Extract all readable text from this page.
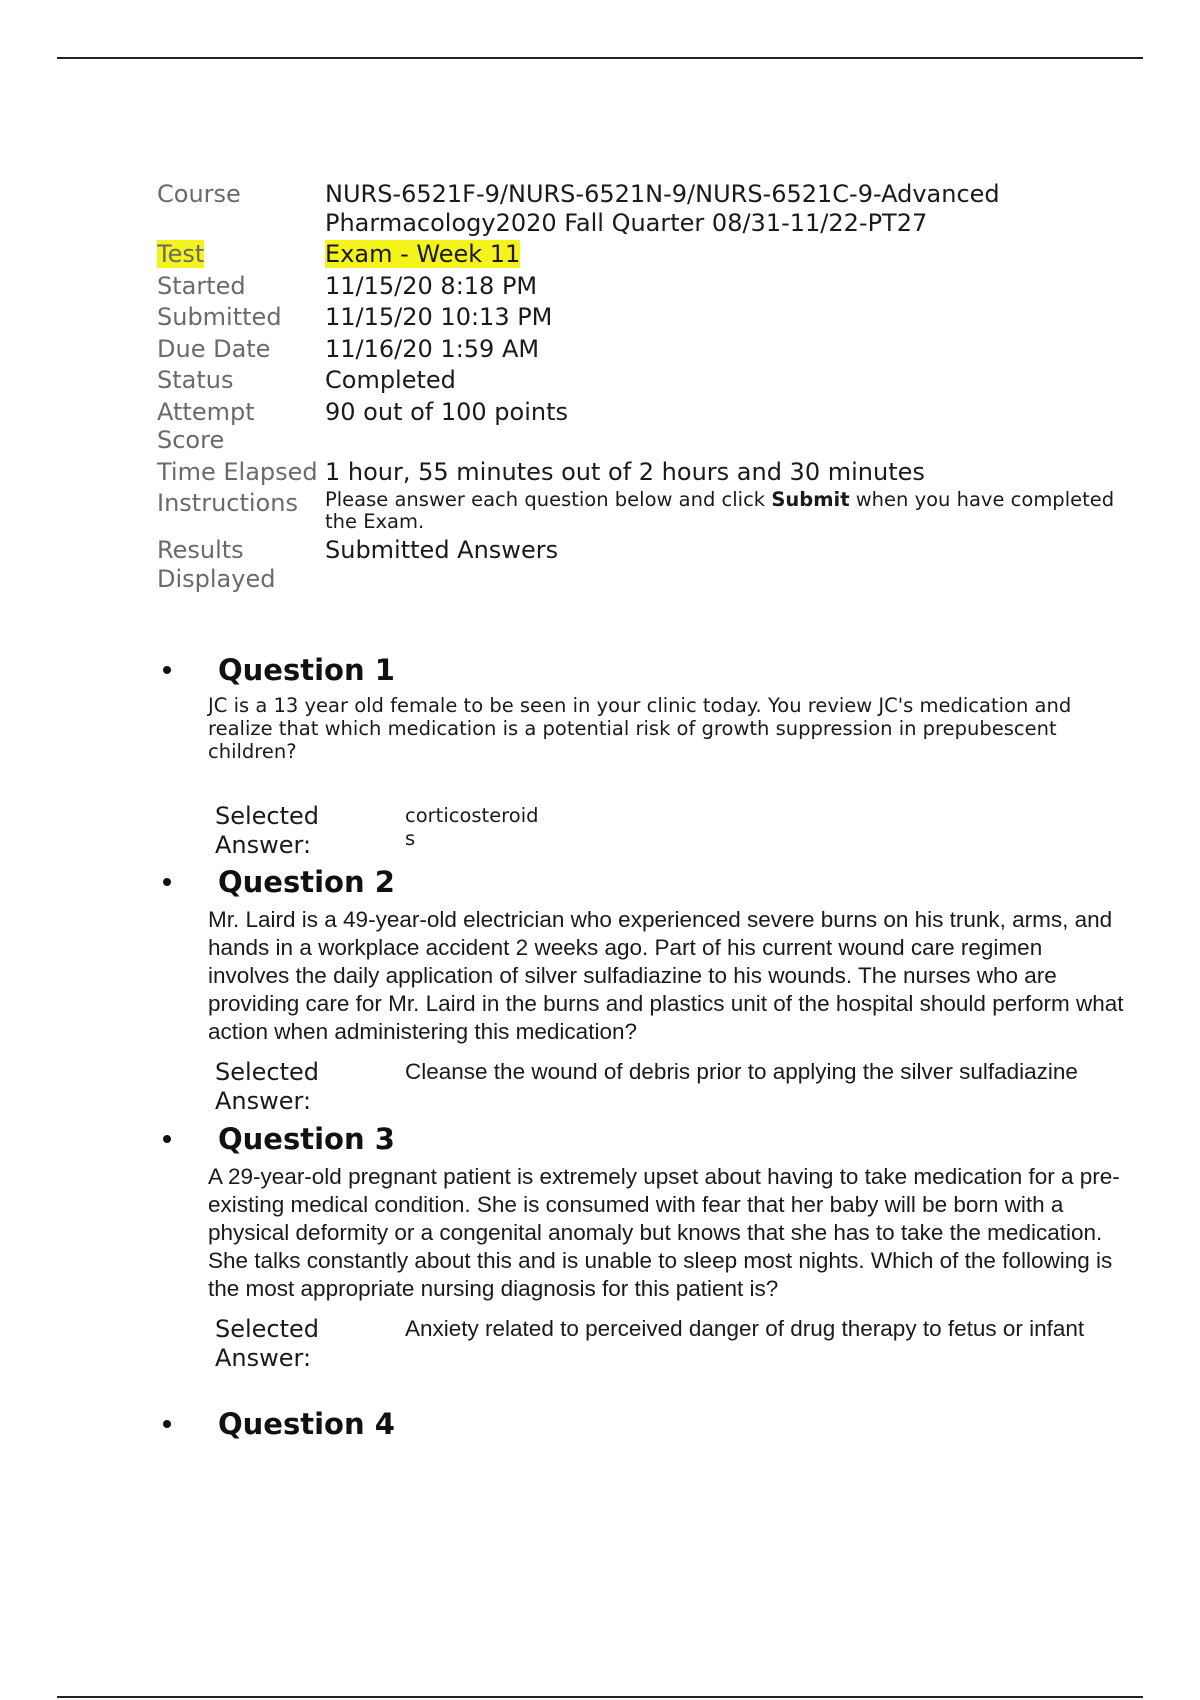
Course	NURS-6521F-9/NURS-6521N-9/NURS-6521C-9-Advanced Pharmacology2020 Fall Quarter 08/31-11/22-PT27
Test	Exam - Week 11
Started	11/15/20 8:18 PM
Submitted	11/15/20 10:13 PM
Due Date	11/16/20 1:59 AM
Status	Completed
Attempt Score	90 out of 100 points
Time Elapsed	1 hour, 55 minutes out of 2 hours and 30 minutes
Instructions	Please answer each question below and click Submit when you have completed the Exam.
Results Displayed	Submitted Answers
Question 1
JC is a 13 year old female to be seen in your clinic today. You review JC's medication and realize that which medication is a potential risk of growth suppression in prepubescent children?
Selected Answer:
corticosteroids
Question 2
Mr. Laird is a 49-year-old electrician who experienced severe burns on his trunk, arms, and hands in a workplace accident 2 weeks ago. Part of his current wound care regimen involves the daily application of silver sulfadiazine to his wounds. The nurses who are providing care for Mr. Laird in the burns and plastics unit of the hospital should perform what action when administering this medication?
Selected Answer:
Cleanse the wound of debris prior to applying the silver sulfadiazine
Question 3
A 29-year-old pregnant patient is extremely upset about having to take medication for a pre-existing medical condition. She is consumed with fear that her baby will be born with a physical deformity or a congenital anomaly but knows that she has to take the medication. She talks constantly about this and is unable to sleep most nights. Which of the following is the most appropriate nursing diagnosis for this patient is?
Selected Answer:
Anxiety related to perceived danger of drug therapy to fetus or infant
Question 4
